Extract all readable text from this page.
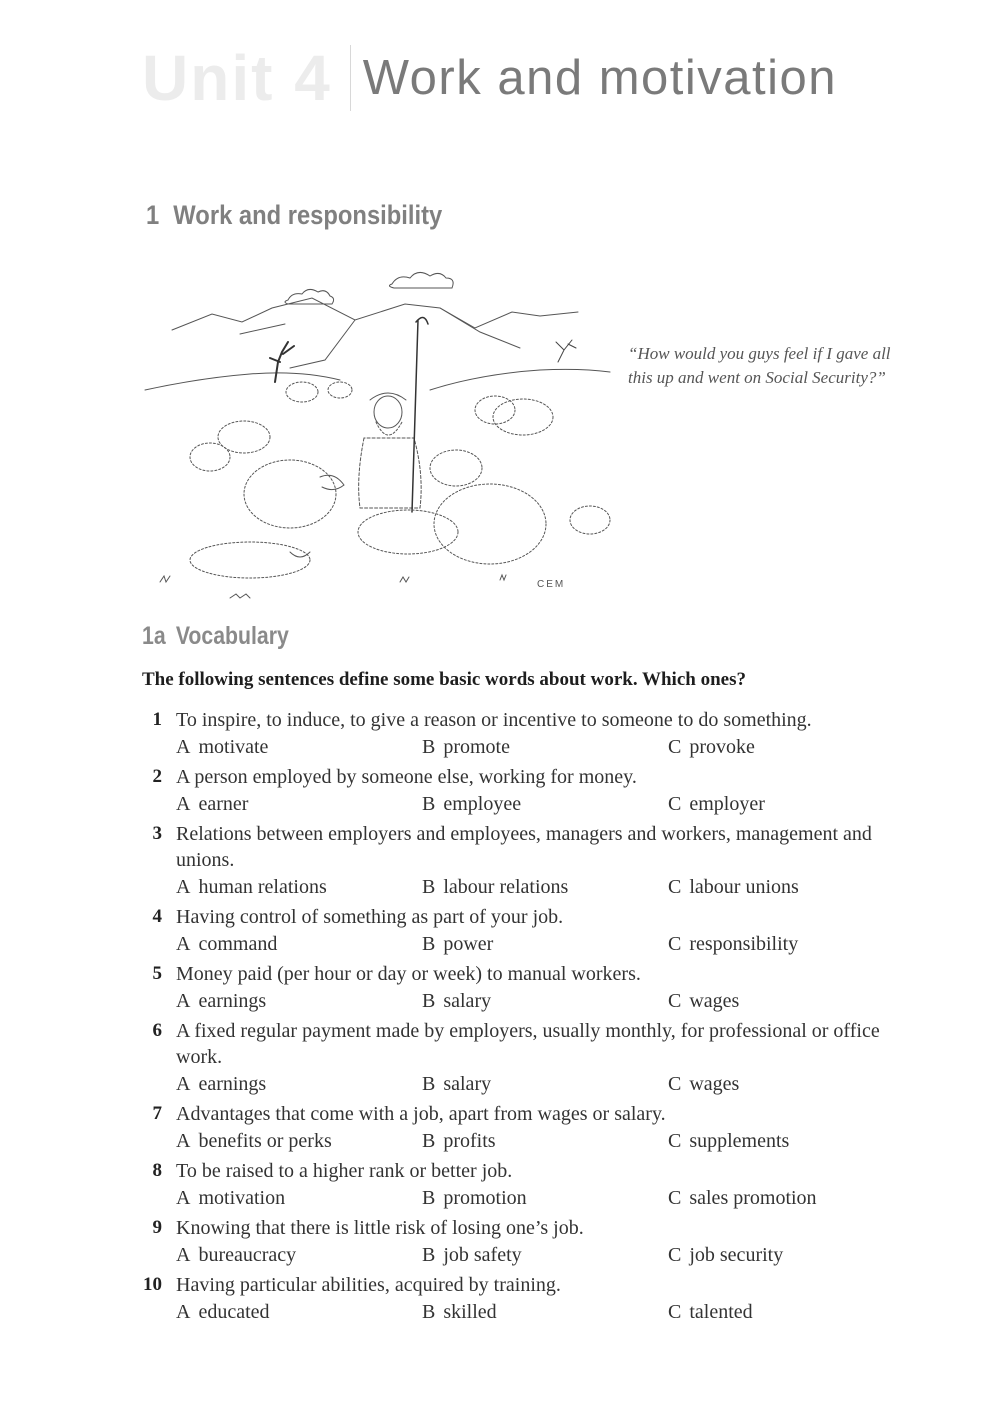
Unit 4 Work and motivation
1 Work and responsibility
CEM
“How would you guys feel if I gave all this up and went on Social Security?”
1a Vocabulary
The following sentences define some basic words about work. Which ones?
1 To inspire, to induce, to give a reason or incentive to someone to do something.
A motivate	B promote	C provoke
2 A person employed by someone else, working for money.
A earner	B employee	C employer
3 Relations between employers and employees, managers and workers, management and unions.
A human relations	B labour relations	C labour unions
4 Having control of something as part of your job.
A command	B power	C responsibility
5 Money paid (per hour or day or week) to manual workers.
A earnings	B salary	C wages
6 A fixed regular payment made by employers, usually monthly, for professional or office work.
A earnings	B salary	C wages
7 Advantages that come with a job, apart from wages or salary.
A benefits or perks	B profits	C supplements
8 To be raised to a higher rank or better job.
A motivation	B promotion	C sales promotion
9 Knowing that there is little risk of losing one’s job.
A bureaucracy	B job safety	C job security
10 Having particular abilities, acquired by training.
A educated	B skilled	C talented
